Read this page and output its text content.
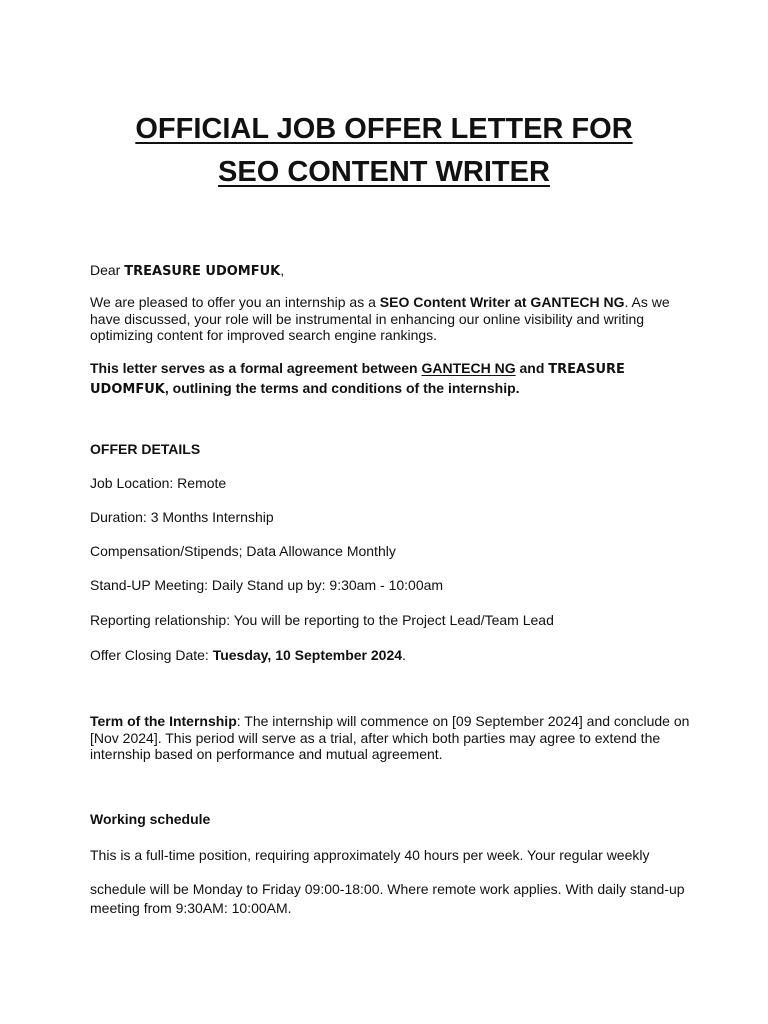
OFFICIAL JOB OFFER LETTER FOR
SEO CONTENT WRITER

Dear TREASURE UDOMFUK,

We are pleased to offer you an internship as a SEO Content Writer at GANTECH NG. As we have discussed, your role will be instrumental in enhancing our online visibility and writing optimizing content for improved search engine rankings.

This letter serves as a formal agreement between GANTECH NG and TREASURE UDOMFUK, outlining the terms and conditions of the internship.

OFFER DETAILS

Job Location: Remote

Duration: 3 Months Internship

Compensation/Stipends; Data Allowance Monthly

Stand-UP Meeting: Daily Stand up by: 9:30am - 10:00am

Reporting relationship: You will be reporting to the Project Lead/Team Lead

Offer Closing Date: Tuesday, 10 September 2024.

Term of the Internship: The internship will commence on [09 September 2024] and conclude on [Nov 2024]. This period will serve as a trial, after which both parties may agree to extend the internship based on performance and mutual agreement.

Working schedule

This is a full-time position, requiring approximately 40 hours per week. Your regular weekly

schedule will be Monday to Friday 09:00-18:00. Where remote work applies. With daily stand-up meeting from 9:30AM: 10:00AM.
